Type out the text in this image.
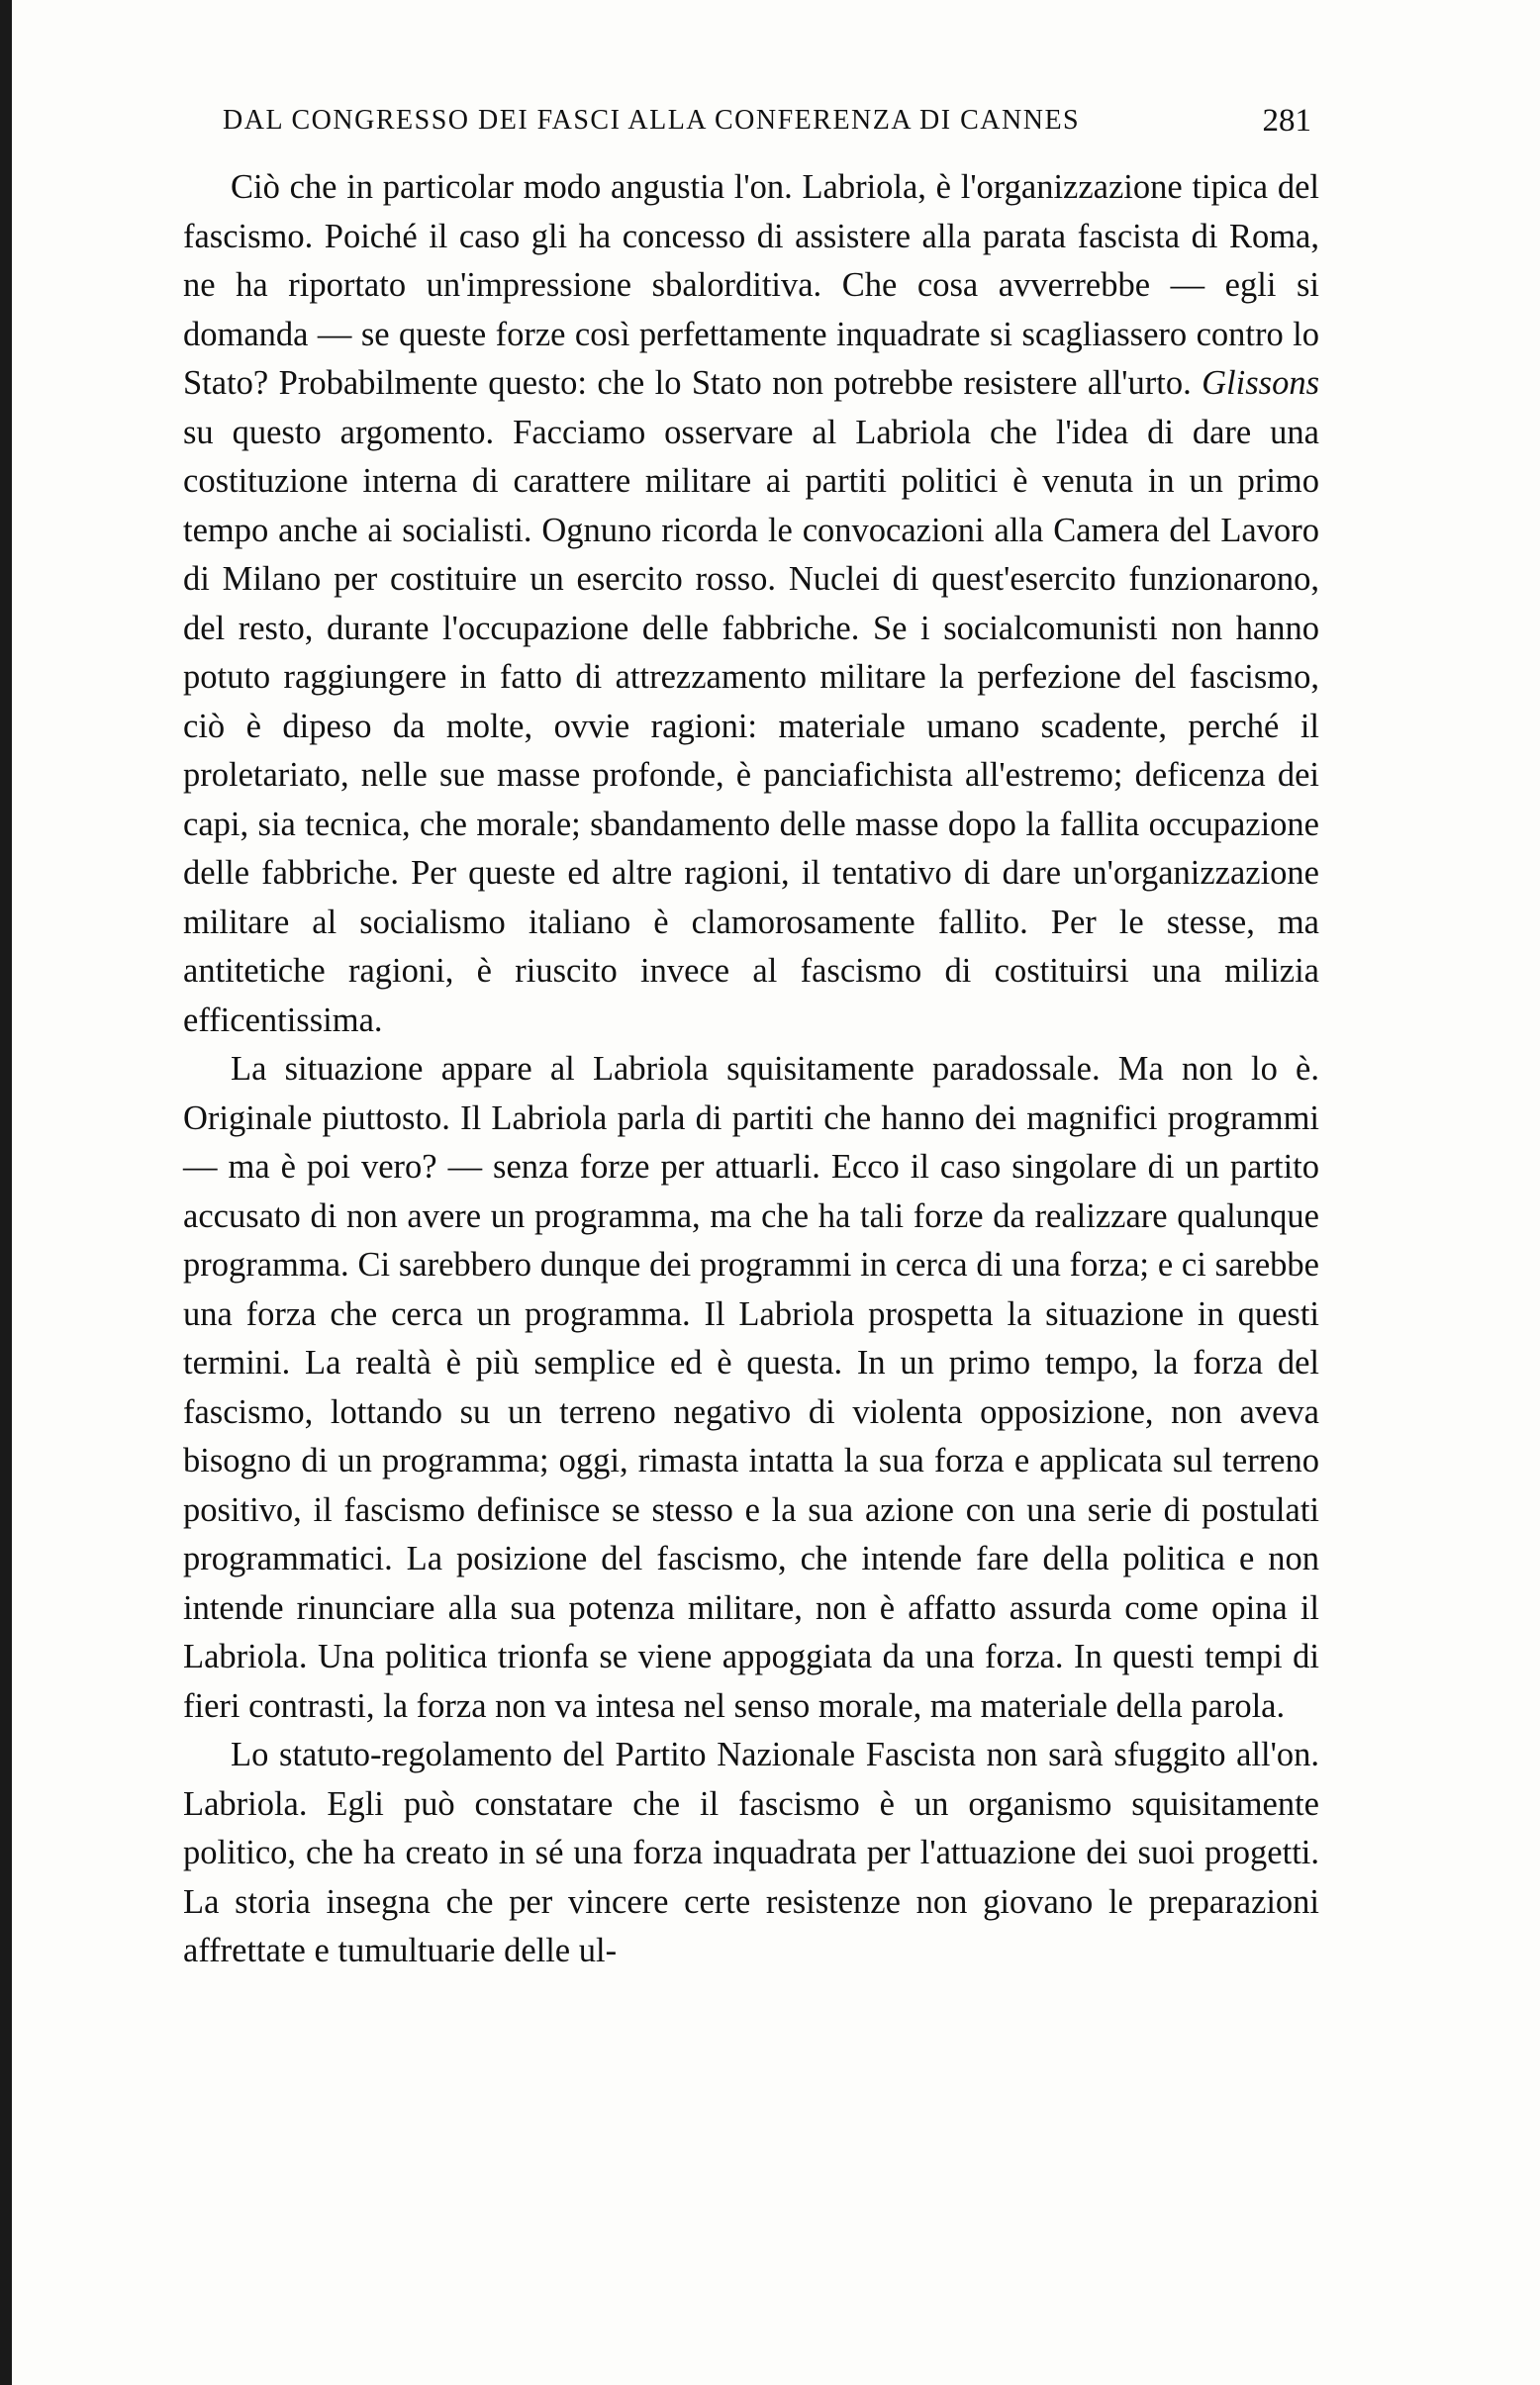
DAL CONGRESSO DEI FASCI ALLA CONFERENZA DI CANNES	281

Ciò che in particolar modo angustia l'on. Labriola, è l'organizzazione tipica del fascismo. Poiché il caso gli ha concesso di assistere alla parata fascista di Roma, ne ha riportato un'impressione sbalorditiva. Che cosa avverrebbe — egli si domanda — se queste forze così perfettamente inquadrate si scagliassero contro lo Stato? Probabilmente questo: che lo Stato non potrebbe resistere all'urto. Glissons su questo argomento. Facciamo osservare al Labriola che l'idea di dare una costituzione interna di carattere militare ai partiti politici è venuta in un primo tempo anche ai socialisti. Ognuno ricorda le convocazioni alla Camera del Lavoro di Milano per costituire un esercito rosso. Nuclei di quest'esercito funzionarono, del resto, durante l'occupazione delle fabbriche. Se i socialcomunisti non hanno potuto raggiungere in fatto di attrezzamento militare la perfezione del fascismo, ciò è dipeso da molte, ovvie ragioni: materiale umano scadente, perché il proletariato, nelle sue masse profonde, è panciafichista all'estremo; deficenza dei capi, sia tecnica, che morale; sbandamento delle masse dopo la fallita occupazione delle fabbriche. Per queste ed altre ragioni, il tentativo di dare un'organizzazione militare al socialismo italiano è clamorosamente fallito. Per le stesse, ma antitetiche ragioni, è riuscito invece al fascismo di costituirsi una milizia efficentissima.

La situazione appare al Labriola squisitamente paradossale. Ma non lo è. Originale piuttosto. Il Labriola parla di partiti che hanno dei magnifici programmi — ma è poi vero? — senza forze per attuarli. Ecco il caso singolare di un partito accusato di non avere un programma, ma che ha tali forze da realizzare qualunque programma. Ci sarebbero dunque dei programmi in cerca di una forza; e ci sarebbe una forza che cerca un programma. Il Labriola prospetta la situazione in questi termini. La realtà è più semplice ed è questa. In un primo tempo, la forza del fascismo, lottando su un terreno negativo di violenta opposizione, non aveva bisogno di un programma; oggi, rimasta intatta la sua forza e applicata sul terreno positivo, il fascismo definisce se stesso e la sua azione con una serie di postulati programmatici. La posizione del fascismo, che intende fare della politica e non intende rinunciare alla sua potenza militare, non è affatto assurda come opina il Labriola. Una politica trionfa se viene appoggiata da una forza. In questi tempi di fieri contrasti, la forza non va intesa nel senso morale, ma materiale della parola.

Lo statuto-regolamento del Partito Nazionale Fascista non sarà sfuggito all'on. Labriola. Egli può constatare che il fascismo è un organismo squisitamente politico, che ha creato in sé una forza inquadrata per l'attuazione dei suoi progetti. La storia insegna che per vincere certe resistenze non giovano le preparazioni affrettate e tumultuarie delle ul-
